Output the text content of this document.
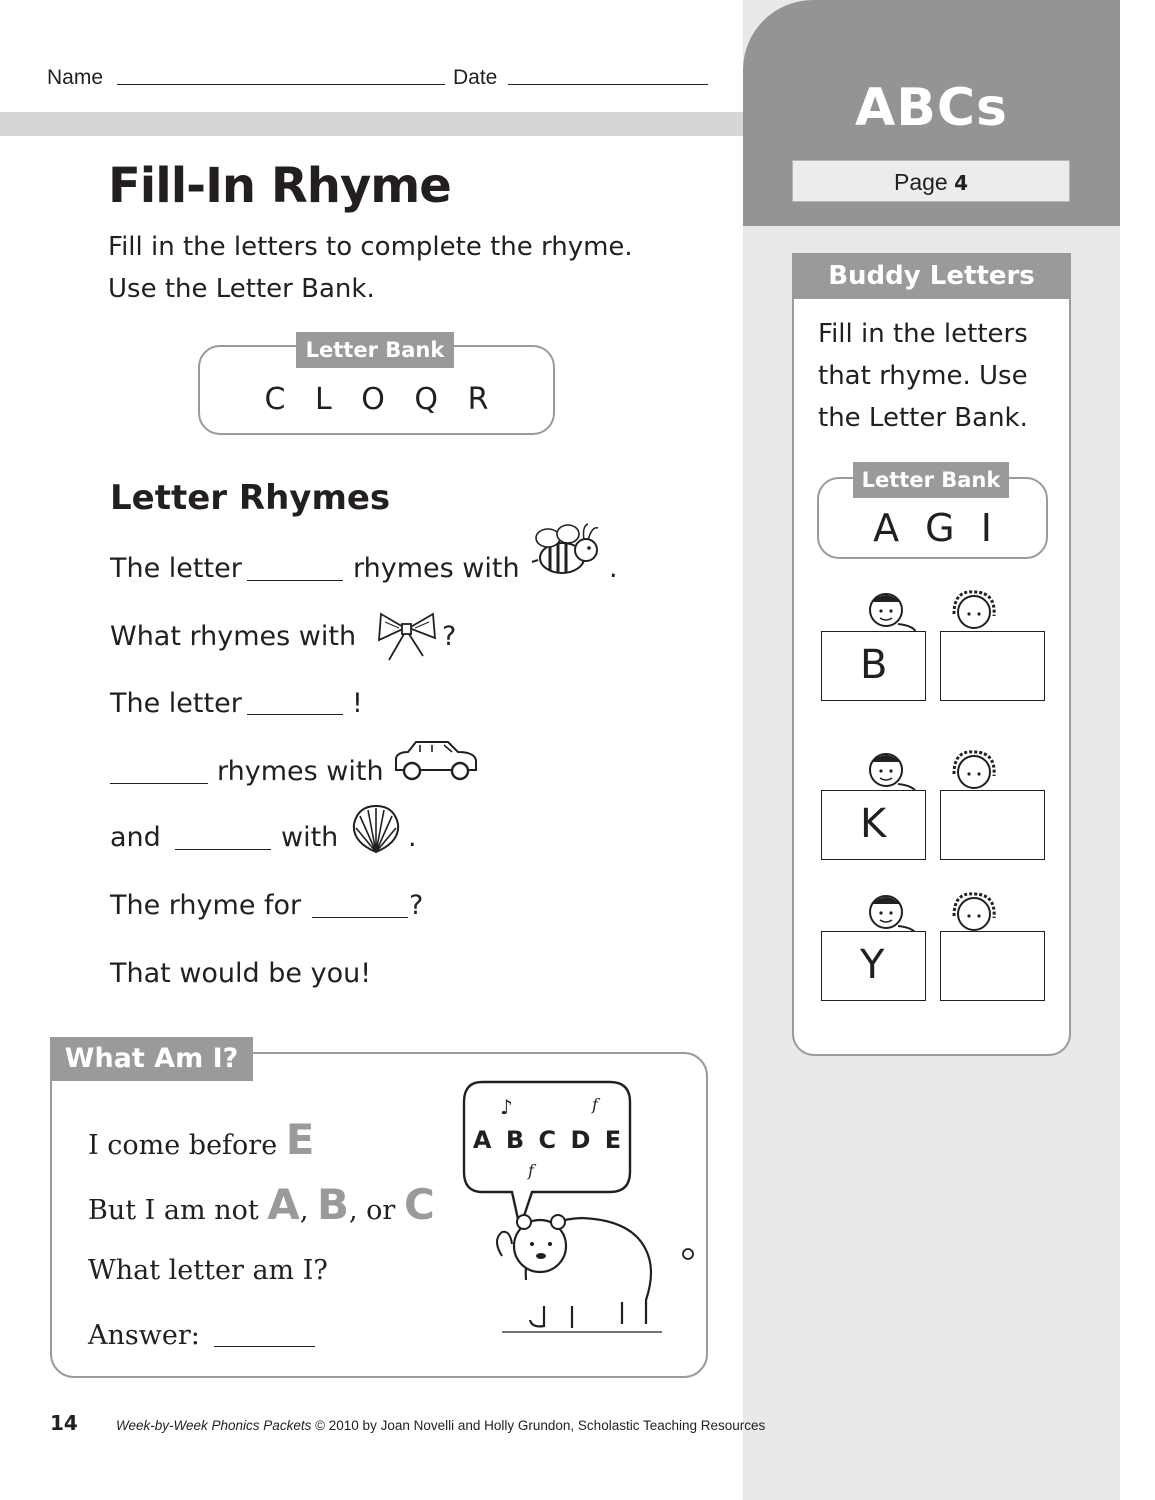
Name	Date
ABCs
Page 4
Fill-In Rhyme
Fill in the letters to complete the rhyme.
Use the Letter Bank.
Letter Bank
C L O Q R
Letter Rhymes
The letter	rhymes with	.
What rhymes with	?
The letter	!
rhymes with
and	with	.
The rhyme for	?
That would be you!
What Am I?
I come before E
But I am not A, B, or C
What letter am I?
Answer:
♪	f
f
A B C D E
Buddy Letters
Fill in the letters
that rhyme. Use
the Letter Bank.
Letter Bank
A G I
B
K
Y
14	Week-by-Week Phonics Packets © 2010 by Joan Novelli and Holly Grundon, Scholastic Teaching Resources
